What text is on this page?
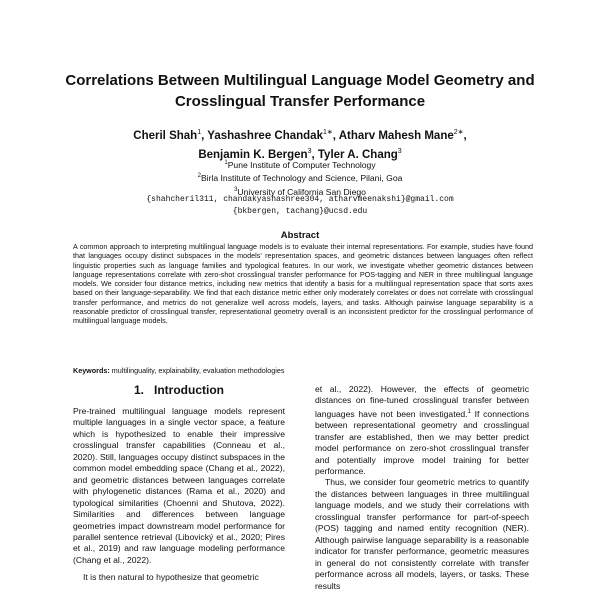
Correlations Between Multilingual Language Model Geometry and
Crosslingual Transfer Performance
Cheril Shah$^1$, Yashashree Chandak$^{1∗}$, Atharv Mahesh Mane$^{2∗}$,
Benjamin K. Bergen$^3$, Tyler A. Chang$^3$
$^1$Pune Institute of Computer Technology
$^2$Birla Institute of Technology and Science, Pilani, Goa
$^3$University of California San Diego
{shahcheril311, chandakyashashree304, atharvmeenakshi}@gmail.com
{bkbergen, tachang}@ucsd.edu
Abstract
A common approach to interpreting multilingual language models is to evaluate their internal representations. For example, studies have found that languages occupy distinct subspaces in the models' representation spaces, and geometric distances between languages often reflect linguistic properties such as language families and typological features. In our work, we investigate whether geometric distances between language representations correlate with zero-shot crosslingual transfer performance for POS-tagging and NER in three multilingual language models. We consider four distance metrics, including new metrics that identify a basis for a multilingual representation space that sorts axes based on their language-separability. We find that each distance metric either only moderately correlates or does not correlate with crosslingual transfer performance, and metrics do not generalize well across models, layers, and tasks. Although pairwise language separability is a reasonable predictor of crosslingual transfer, representational geometry overall is an inconsistent predictor for the crosslingual performance of multilingual language models.
Keywords: multilinguality, explainability, evaluation methodologies
1. Introduction

Pre-trained multilingual language models represent multiple languages in a single vector space, a feature which is hypothesized to enable their impressive crosslingual transfer capabilities (Conneau et al., 2020). Still, languages occupy distinct subspaces in the common model embedding space (Chang et al., 2022), and geometric distances between languages correlate with phylogenetic distances (Rama et al., 2020) and typological similarities (Choenni and Shutova, 2022). Similarities and differences between language geometries impact downstream model performance for parallel sentence retrieval (Libovický et al., 2020; Pires et al., 2019) and raw language modeling performance (Chang et al., 2022).

It is then natural to hypothesize that geometric

et al., 2022). However, the effects of geometric distances on fine-tuned crosslingual transfer between languages have not been investigated.$^1$ If connections between representational geometry and crosslingual transfer are established, then we may better predict model performance on zero-shot crosslingual transfer and potentially improve model training for better performance.

Thus, we consider four geometric metrics to quantify the distances between languages in three multilingual language models, and we study their correlations with crosslingual transfer performance for part-of-speech (POS) tagging and named entity recognition (NER). Although pairwise language separability is a reasonable indicator for transfer performance, geometric measures in general do not consistently correlate with transfer performance across all models, layers, or tasks. These results
